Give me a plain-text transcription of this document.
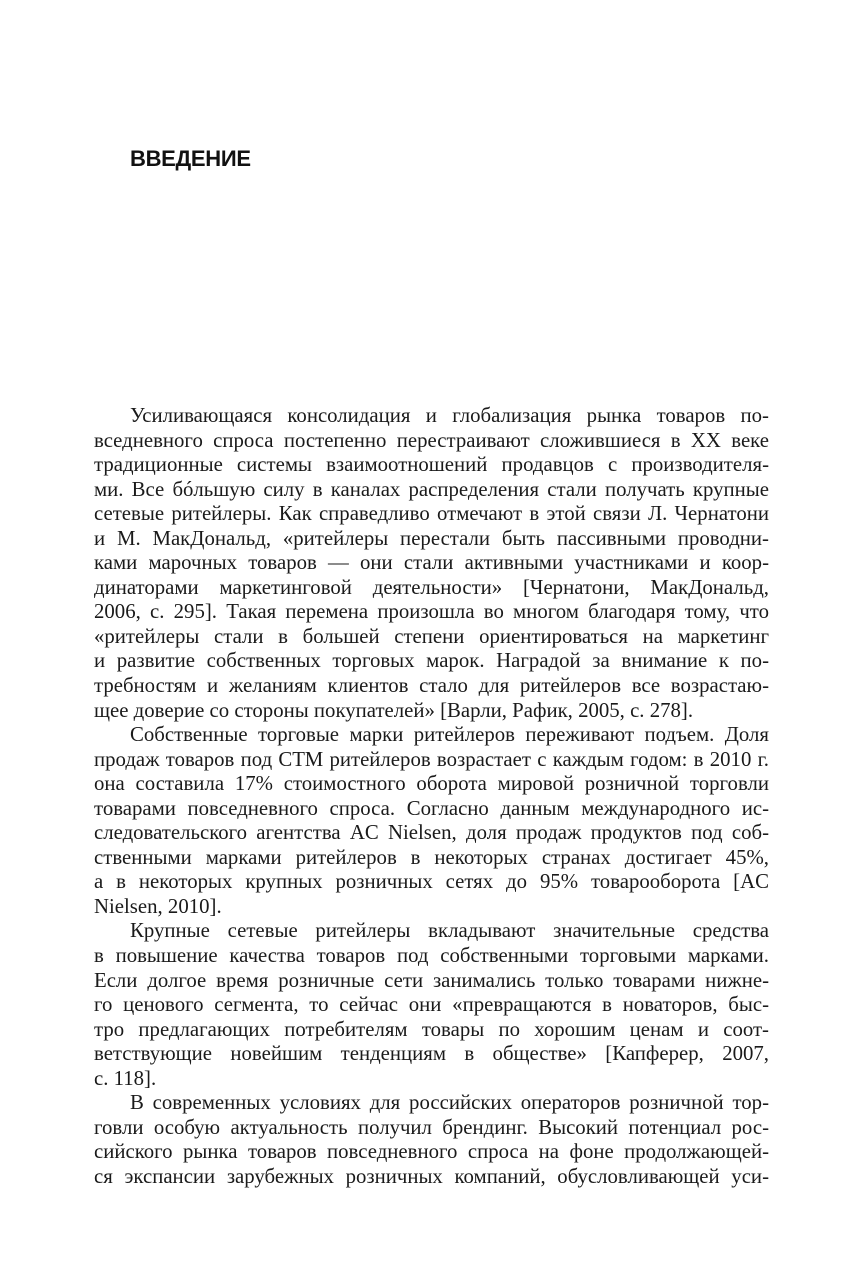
ВВЕДЕНИЕ
Усиливающаяся консолидация и глобализация рынка товаров по-
вседневного спроса постепенно перестраивают сложившиеся в XX веке
традиционные системы взаимоотношений продавцов с производителя-
ми. Все бóльшую силу в каналах распределения стали получать крупные
сетевые ритейлеры. Как справедливо отмечают в этой связи Л. Чернатони
и М. МакДональд, «ритейлеры перестали быть пассивными проводни-
ками марочных товаров — они стали активными участниками и коор-
динаторами маркетинговой деятельности» [Чернатони, МакДональд,
2006, с. 295]. Такая перемена произошла во многом благодаря тому, что
«ритейлеры стали в большей степени ориентироваться на маркетинг
и развитие собственных торговых марок. Наградой за внимание к по-
требностям и желаниям клиентов стало для ритейлеров все возрастаю-
щее доверие со стороны покупателей» [Варли, Рафик, 2005, с. 278].
Собственные торговые марки ритейлеров переживают подъем. Доля
продаж товаров под СТМ ритейлеров возрастает с каждым годом: в 2010 г.
она составила 17% стоимостного оборота мировой розничной торговли
товарами повседневного спроса. Согласно данным международного ис-
следовательского агентства AC Nielsen, доля продаж продуктов под соб-
ственными марками ритейлеров в некоторых странах достигает 45%,
а в некоторых крупных розничных сетях до 95% товарооборота [AC
Nielsen, 2010].
Крупные сетевые ритейлеры вкладывают значительные средства
в повышение качества товаров под собственными торговыми марками.
Если долгое время розничные сети занимались только товарами нижне-
го ценового сегмента, то сейчас они «превращаются в новаторов, быс-
тро предлагающих потребителям товары по хорошим ценам и соот-
ветствующие новейшим тенденциям в обществе» [Капферер, 2007,
с. 118].
В современных условиях для российских операторов розничной тор-
говли особую актуальность получил брендинг. Высокий потенциал рос-
сийского рынка товаров повседневного спроса на фоне продолжающей-
ся экспансии зарубежных розничных компаний, обусловливающей уси-
